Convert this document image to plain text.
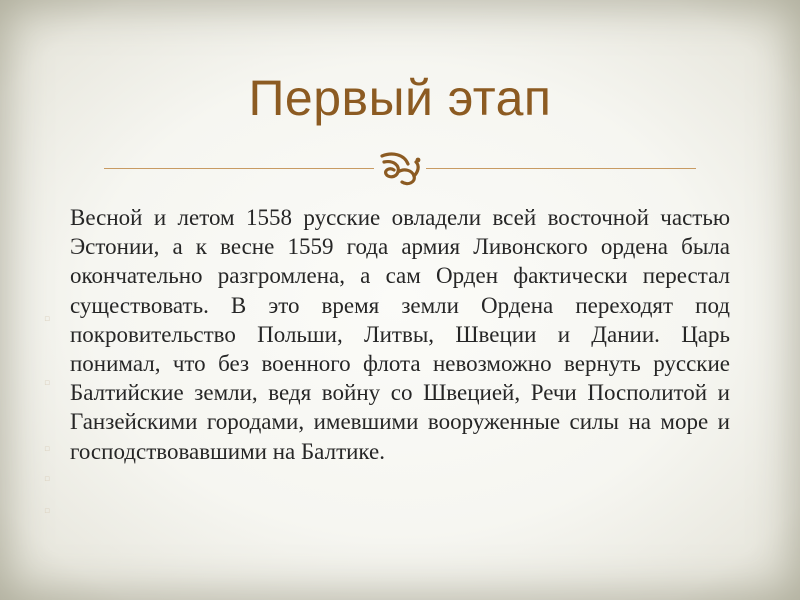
Первый этап
▫
▫
▫
▫
▫

Весной и летом 1558 русские овладели всей восточной частью Эстонии, а к весне 1559 года армия Ливонского ордена была окончательно разгромлена, а сам Орден фактически перестал существовать. В это время земли Ордена переходят под покровительство Польши, Литвы, Швеции и Дании. Царь понимал, что без военного флота невозможно вернуть русские Балтийские земли, ведя войну со Швецией, Речи Посполитой и Ганзейскими городами, имевшими вооруженные силы на море и господствовавшими на Балтике.
